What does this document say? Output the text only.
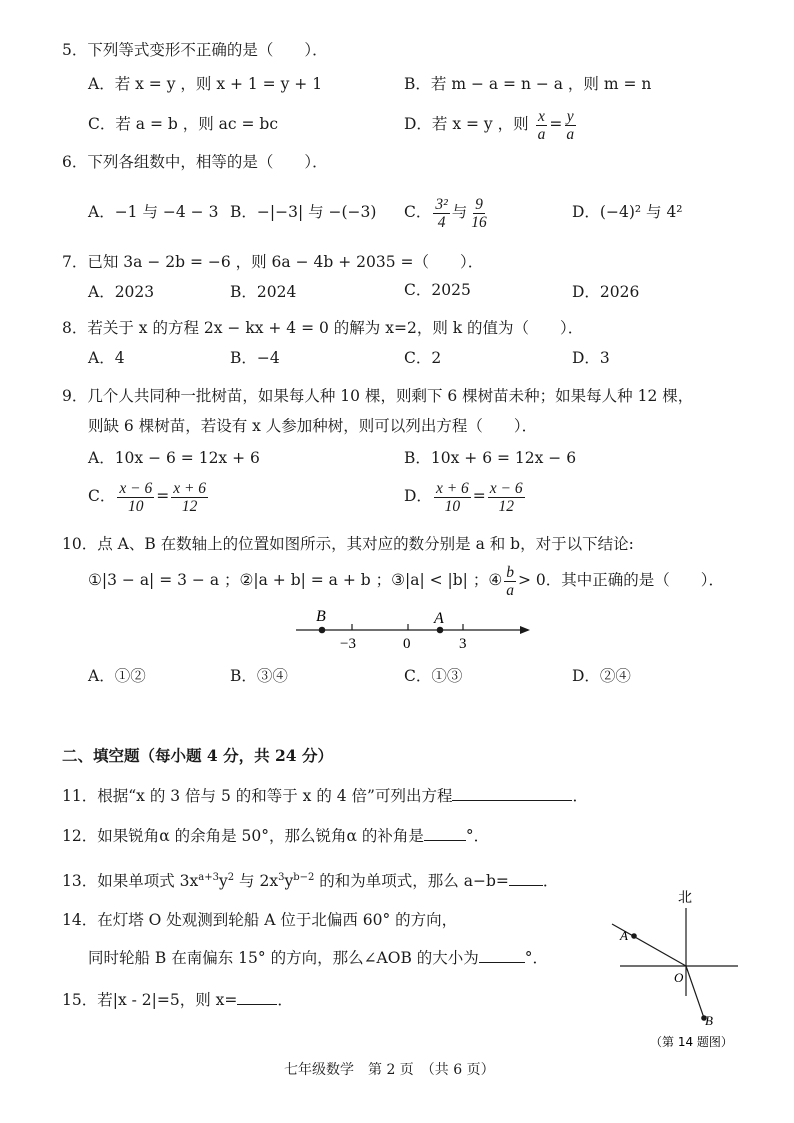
5．下列等式变形不正确的是（　　）．
A．若 x = y ，则 x + 1 = y + 1	B．若 m − a = n − a ，则 m = n
C．若 a = b ，则 ac = bc	D．若 x = y ，则 $\frac{x}{a} = \frac{y}{a}$
6．下列各组数中，相等的是（　　）．
A．−1 与 −4 − 3 B．−|−3| 与 −(−3) C． $\frac{\text{3²}}{4}$ 与 $\frac{9}{16}$	D．(−4)² 与 4²
7．已知 3a − 2b = −6 ，则 6a − 4b + 2035 =（　　）．
A．2023	B．2024	C．2025	D．2026
8．若关于 x 的方程 2x − kx + 4 = 0 的解为 x=2，则 k 的值为（　　）．
A．4	B．−4	C．2	D．3
9．几个人共同种一批树苗，如果每人种 10 棵，则剩下 6 棵树苗未种；如果每人种 12 棵，
则缺 6 棵树苗，若设有 x 人参加种树，则可以列出方程（　　）．
A．10x − 6 = 12x + 6	B．10x + 6 = 12x − 6
C． $\frac{x - 6}{10} = \frac{x + 6}{12}$	D． $\frac{x + 6}{10} = \frac{x - 6}{12}$
10．点 A、B 在数轴上的位置如图所示，其对应的数分别是 a 和 b，对于以下结论:
①|3 − a| = 3 − a ；②|a + b| = a + b ；③|a| < |b| ；④ $\frac{b}{a} > 0$．其中正确的是（　　）．
B	A
−3	0	3
A．①②	B．③④	C．①③	D．②④
二、填空题（每小题 4 分，共 24 分）
11．根据“x 的 3 倍与 5 的和等于 x 的 4 倍”可列出方程	．
12．如果锐角α 的余角是 50°，那么锐角α 的补角是	°．
13．如果单项式 $3x^{a+3}y^2$ 与 $2x^3y^{b-2}$ 的和为单项式，那么 a−b= ．
14．在灯塔 O 处观测到轮船 A 位于北偏西 60° 的方向，
同时轮船 B 在南偏东 15° 的方向，那么∠AOB 的大小为	°．
北
A
O
B
（第 14 题图）
15．若|x - 2|=5，则 x=	．
七年级数学　第 2 页　（共 6 页）
